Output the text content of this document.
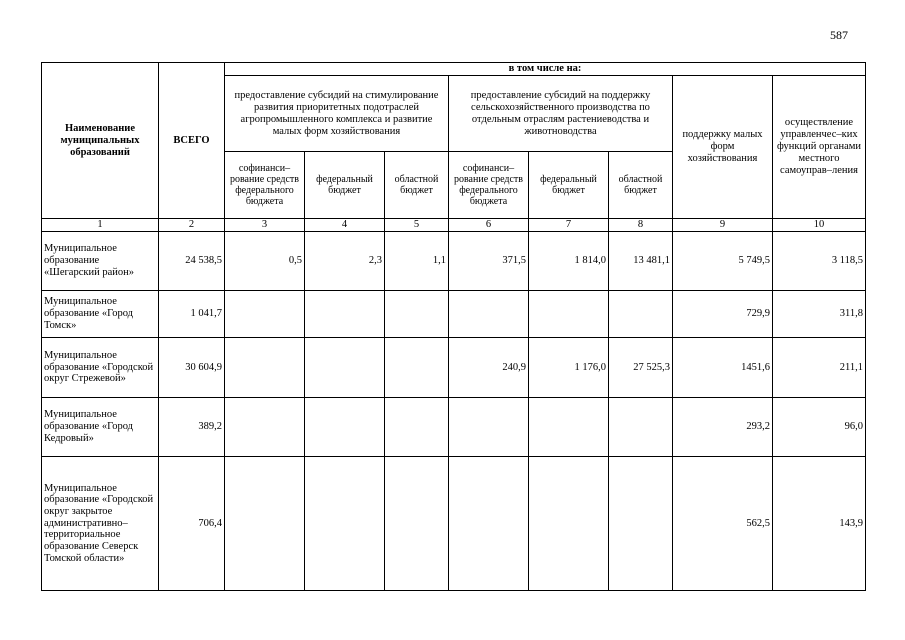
587
Наименование муниципальных образований	ВСЕГО	в том числе на:							
		предоставление субсидий на стимулирование развития приоритетных подотраслей агропромышленного комплекса и развитие малых форм хозяйствования			предоставление субсидий на поддержку сельскохозяйственного производства по отдельным отраслям растениеводства и животноводства			поддержку малых форм хозяйствования	осуществление управленчес–ких функций органами местного самоуправ–ления
		софинанси–рование средств федерального бюджета	федеральный бюджет	областной бюджет	софинанси–рование средств федерального бюджета	федеральный бюджет	областной бюджет		
1	2	3	4	5	6	7	8	9	10
Муниципальное образование «Шегарский район»	24 538,5	0,5	2,3	1,1	371,5	1 814,0	13 481,1	5 749,5	3 118,5
Муниципальное образование «Город Томск»	1 041,7							729,9	311,8
Муниципальное образование «Городской округ Стрежевой»	30 604,9				240,9	1 176,0	27 525,3	1451,6	211,1
Муниципальное образование «Город Кедровый»	389,2							293,2	96,0
Муниципальное образование «Городской округ закрытое административно–территориальное образование Северск Томской области»	706,4							562,5	143,9
